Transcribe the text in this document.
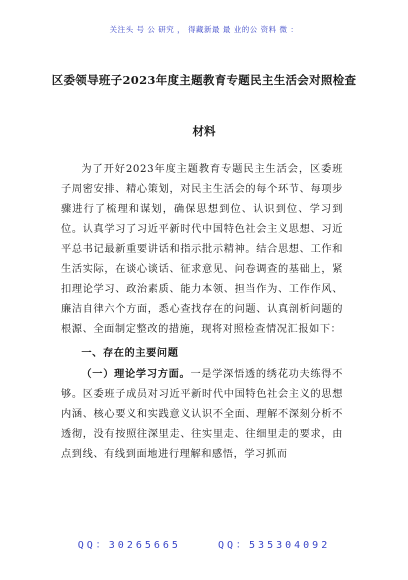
关注头 号 公 研究 ， 得藏新最 最 业的公 资料 微 ：
区委领导班子2023年度主题教育专题民主生活会对照检查
材料

为了开好2023年度主题教育专题民主生活会，区委班子周密安排、精心策划，对民主生活会的每个环节、每项步骤进行了梳理和谋划，确保思想到位、认识到位、学习到位。认真学习了习近平新时代中国特色社会主义思想、习近平总书记最新重要讲话和指示批示精神。结合思想、工作和生活实际，在谈心谈话、征求意见、问卷调查的基础上，紧扣理论学习、政治素质、能力本领、担当作为、工作作风、廉洁自律六个方面，悉心查找存在的问题、认真剖析问题的根源、全面制定整改的措施，现将对照检查情况汇报如下：

一、存在的主要问题

（一）理论学习方面。一是学深悟透的绣花功夫练得不够。区委班子成员对习近平新时代中国特色社会主义的思想内涵、核心要义和实践意义认识不全面、理解不深刻分析不透彻，没有按照往深里走、往实里走、往细里走的要求，由点到线、有线到面地进行理解和感悟，学习抓而

QQ：30265665	QQ：535304092
